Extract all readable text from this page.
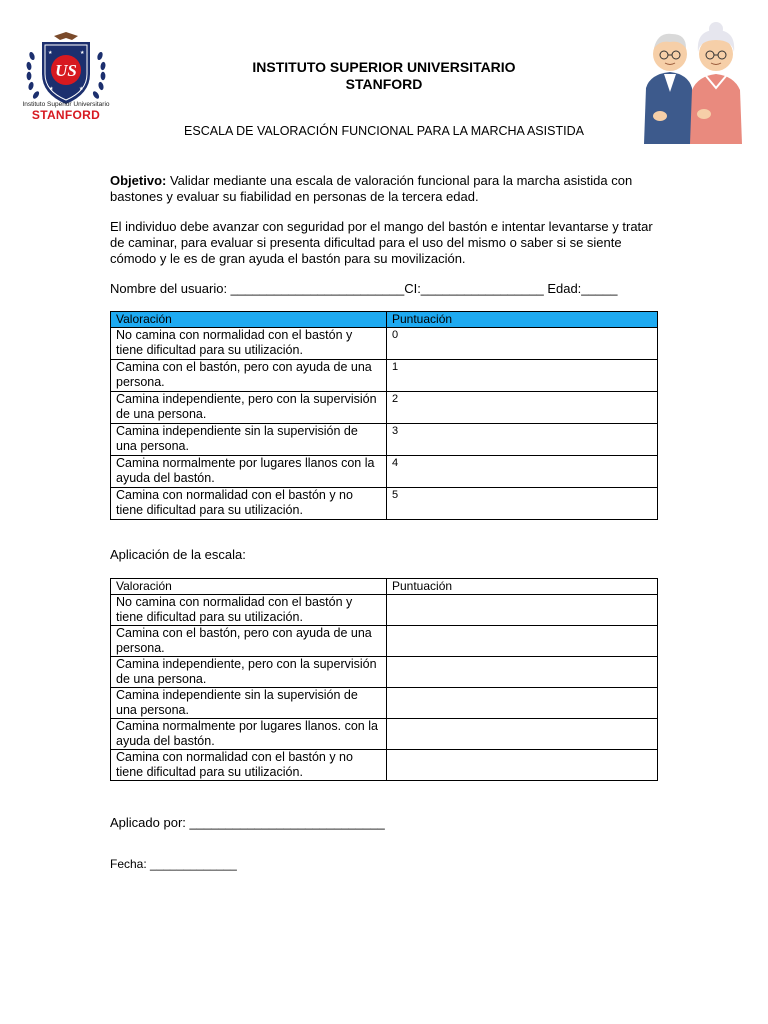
US
★	★
★	★
Instituto Superior Universitario
STANFORD
INSTITUTO SUPERIOR UNIVERSITARIO
STANFORD
ESCALA DE VALORACIÓN FUNCIONAL PARA LA MARCHA ASISTIDA
Objetivo: Validar mediante una escala de valoración funcional para la marcha asistida con bastones y evaluar su fiabilidad en personas de la tercera edad.
El individuo debe avanzar con seguridad por el mango del bastón e intentar levantarse y tratar de caminar, para evaluar si presenta dificultad para el uso del mismo o saber si se siente cómodo y le es de gran ayuda el bastón para su movilización.
Nombre del usuario: ________________________CI:_________________ Edad:_____
Valoración	Puntuación
No camina con normalidad con el bastón y tiene dificultad para su utilización.	0
Camina con el bastón, pero con ayuda de una persona.	1
Camina independiente, pero con la supervisión de una persona.	2
Camina independiente sin la supervisión de una persona.	3
Camina normalmente por lugares llanos con la ayuda del bastón.	4
Camina con normalidad con el bastón y no tiene dificultad para su utilización.	5
Aplicación de la escala:
Valoración	Puntuación
No camina con normalidad con el bastón y tiene dificultad para su utilización.	
Camina con el bastón, pero con ayuda de una persona.	
Camina independiente, pero con la supervisión de una persona.	
Camina independiente sin la supervisión de una persona.	
Camina normalmente por lugares llanos. con la ayuda del bastón.	
Camina con normalidad con el bastón y no tiene dificultad para su utilización.	
Aplicado por: ___________________________
Fecha: _____________
